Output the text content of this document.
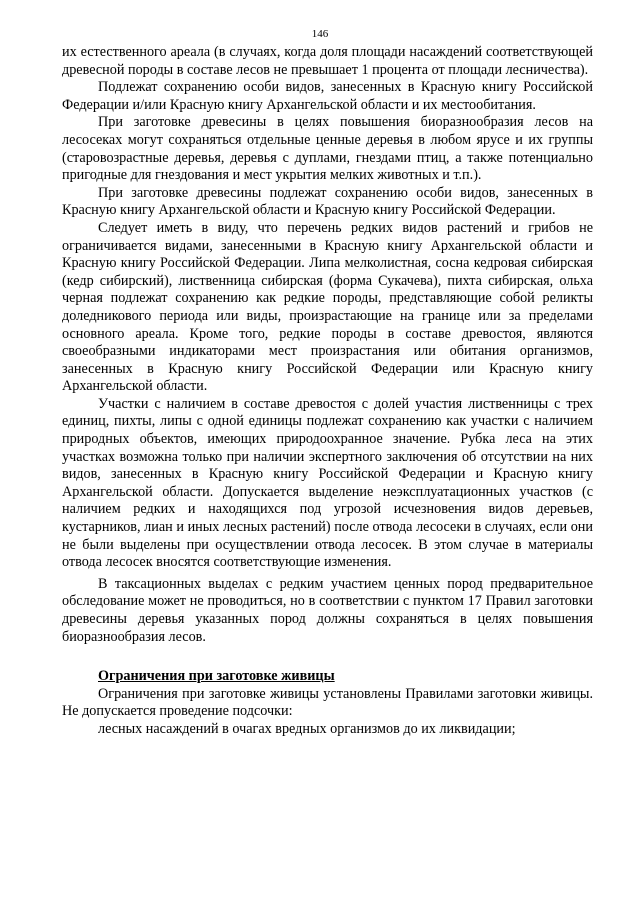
146

их естественного ареала (в случаях, когда доля площади насаждений соответствующей древесной породы в составе лесов не превышает 1 процента от площади лесничества).

Подлежат сохранению особи видов, занесенных в Красную книгу Российской Федерации и/или Красную книгу Архангельской области и их местообитания.

При заготовке древесины в целях повышения биоразнообразия лесов на лесосеках могут сохраняться отдельные ценные деревья в любом ярусе и их группы (старовозрастные деревья, деревья с дуплами, гнездами птиц, а также потенциально пригодные для гнездования и мест укрытия мелких животных и т.п.).

При заготовке древесины подлежат сохранению особи видов, занесенных в Красную книгу Архангельской области и Красную книгу Российской Федерации.

Следует иметь в виду, что перечень редких видов растений и грибов не ограничивается видами, занесенными в Красную книгу Архангельской области и Красную книгу Российской Федерации. Липа мелколистная, сосна кедровая сибирская (кедр сибирский), лиственница сибирская (форма Сукачева), пихта сибирская, ольха черная подлежат сохранению как редкие породы, представляющие собой реликты доледникового периода или виды, произрастающие на границе или за пределами основного ареала. Кроме того, редкие породы в составе древостоя, являются своеобразными индикаторами мест произрастания или обитания организмов, занесенных в Красную книгу Российской Федерации или Красную книгу Архангельской области.

Участки с наличием в составе древостоя с долей участия лиственницы с трех единиц, пихты, липы с одной единицы подлежат сохранению как участки с наличием природных объектов, имеющих природоохранное значение. Рубка леса на этих участках возможна только при наличии экспертного заключения об отсутствии на них видов, занесенных в Красную книгу Российской Федерации и Красную книгу Архангельской области. Допускается выделение неэксплуатационных участков (с наличием редких и находящихся под угрозой исчезновения видов деревьев, кустарников, лиан и иных лесных растений) после отвода лесосеки в случаях, если они не были выделены при осуществлении отвода лесосек. В этом случае в материалы отвода лесосек вносятся соответствующие изменения.

В таксационных выделах с редким участием ценных пород предварительное обследование может не проводиться, но в соответствии с пунктом 17 Правил заготовки древесины деревья указанных пород должны сохраняться в целях повышения биоразнообразия лесов.

Ограничения при заготовке живицы

Ограничения при заготовке живицы установлены Правилами заготовки живицы. Не допускается проведение подсочки:

лесных насаждений в очагах вредных организмов до их ликвидации;
